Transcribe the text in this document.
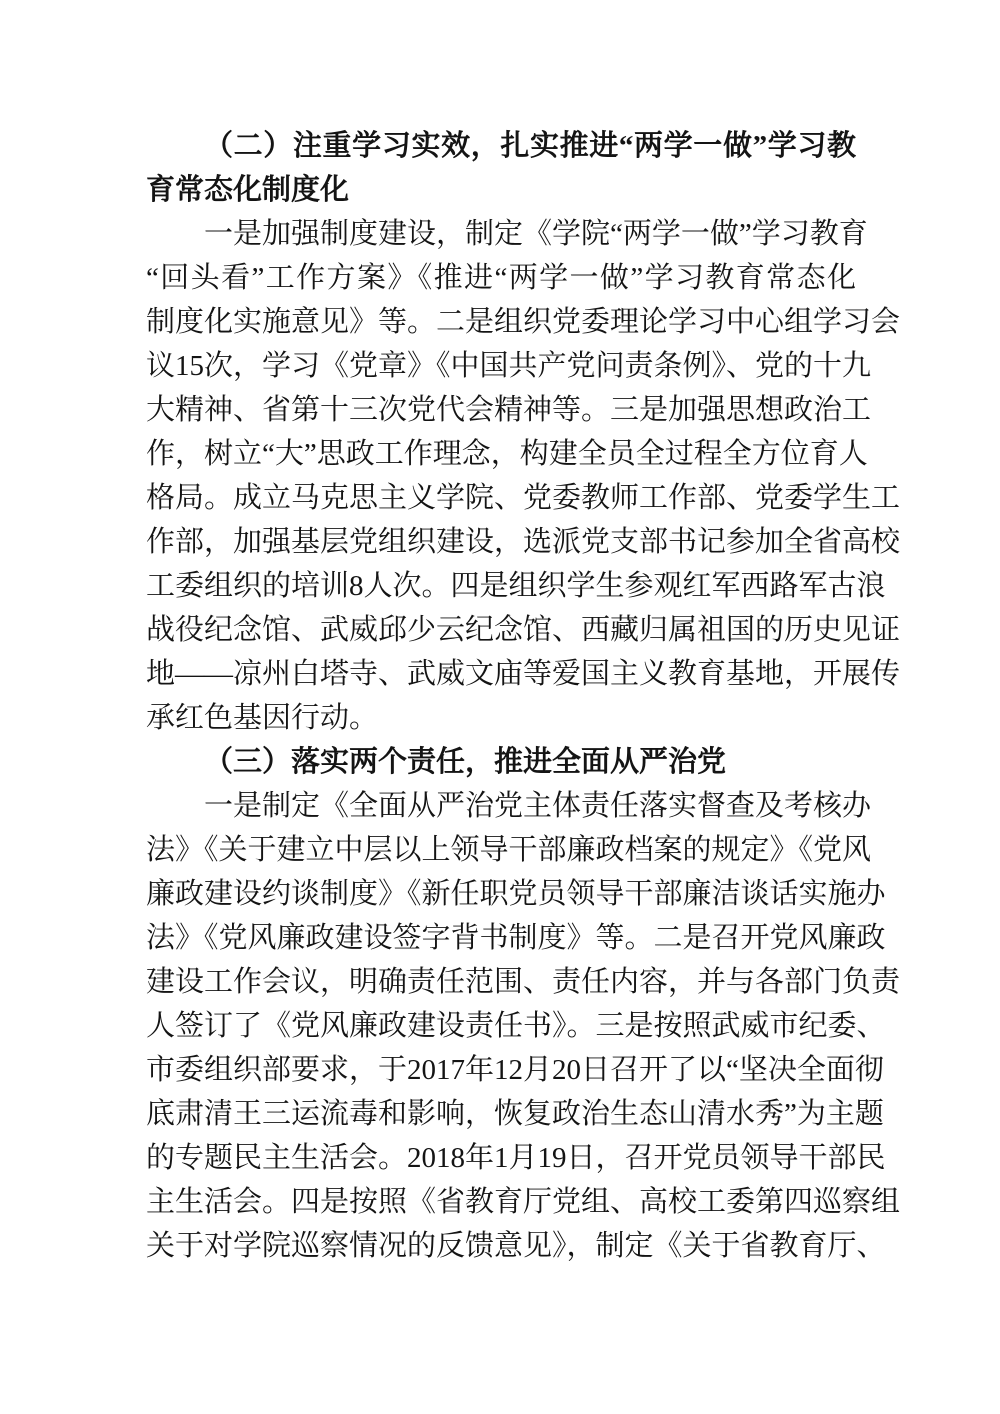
（二）注重学习实效，扎实推进“两学一做”学习教
育常态化制度化
一是加强制度建设，制定《学院“两学一做”学习教育
“回头看”工作方案》《推进“两学一做”学习教育常态化
制度化实施意见》等。二是组织党委理论学习中心组学习会
议15次，学习《党章》《中国共产党问责条例》、党的十九
大精神、省第十三次党代会精神等。三是加强思想政治工
作，树立“大”思政工作理念，构建全员全过程全方位育人
格局。成立马克思主义学院、党委教师工作部、党委学生工
作部，加强基层党组织建设，选派党支部书记参加全省高校
工委组织的培训8人次。四是组织学生参观红军西路军古浪
战役纪念馆、武威邱少云纪念馆、西藏归属祖国的历史见证
地——凉州白塔寺、武威文庙等爱国主义教育基地，开展传
承红色基因行动。
（三）落实两个责任，推进全面从严治党
一是制定《全面从严治党主体责任落实督查及考核办
法》《关于建立中层以上领导干部廉政档案的规定》《党风
廉政建设约谈制度》《新任职党员领导干部廉洁谈话实施办
法》《党风廉政建设签字背书制度》等。二是召开党风廉政
建设工作会议，明确责任范围、责任内容，并与各部门负责
人签订了《党风廉政建设责任书》。三是按照武威市纪委、
市委组织部要求，于2017年12月20日召开了以“坚决全面彻
底肃清王三运流毒和影响，恢复政治生态山清水秀”为主题
的专题民主生活会。2018年1月19日，召开党员领导干部民
主生活会。四是按照《省教育厅党组、高校工委第四巡察组
关于对学院巡察情况的反馈意见》，制定《关于省教育厅、
